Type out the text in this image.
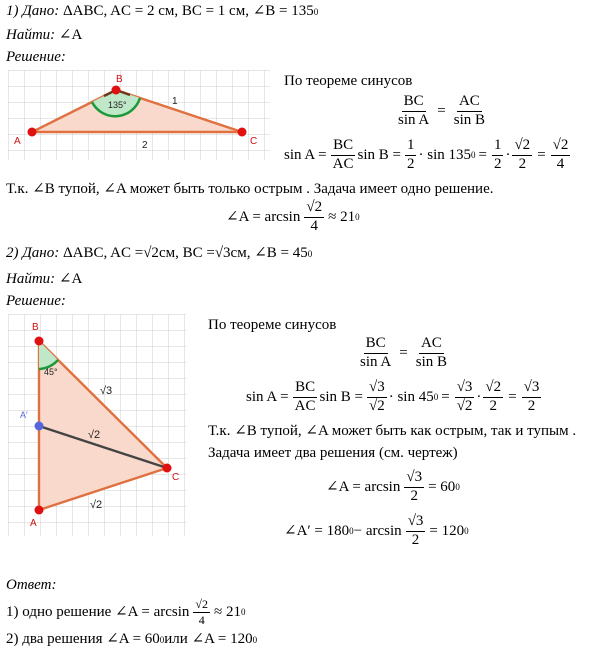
1) Дано:
ΔABC, AC = 2 см, BC = 1 см, ∠B = 135 0
Найти:
∠A
Решение:
A
B
C
1
2
135°
По теореме синусов
$\frac{BC}{\text{sin A}} = \frac{AC}{\text{sin B}}$
$\sin A = \frac{BC}{AC}$ $\sin B = \frac{1}{2} \cdot \sin 135$ $0 = \frac{1}{2} \cdot \frac{√2}{2} = \frac{√2}{4}$
Т.к. ∠B тупой, ∠A может быть только острым . Задача имеет одно решение.
∠A = $\arcsin \frac{√2}{4} \approx 21$ 0
2) Дано:
ΔABC, AC = √2 см, BC = √3 см, ∠B = 45 0
Найти:
∠A
Решение:
B
A
C
A′
√3
√2
√2
45°
По теореме синусов
$\frac{BC}{\text{sin A}} = \frac{AC}{\text{sin B}}$
$\sin A = \frac{BC}{AC}$ $\sin B = \frac{√3}{√2} \cdot \sin 45$ $0 = \frac{√3}{√2} \cdot \frac{√2}{2} = \frac{√3}{2}$
Т.к. ∠B тупой, ∠A может быть как острым, так и тупым .
Задача имеет два решения (см. чертеж)
∠A = $\arcsin \frac{√3}{2} = 60$ 0
∠A′ = 180 $0 - \arcsin \frac{√3}{2} = 120$ 0
Ответ:
1) одно решение ∠A = $\arcsin \frac{√2}{4} \approx 21$ 0
2) два решения ∠A = 60 0 или ∠A = 120 0
